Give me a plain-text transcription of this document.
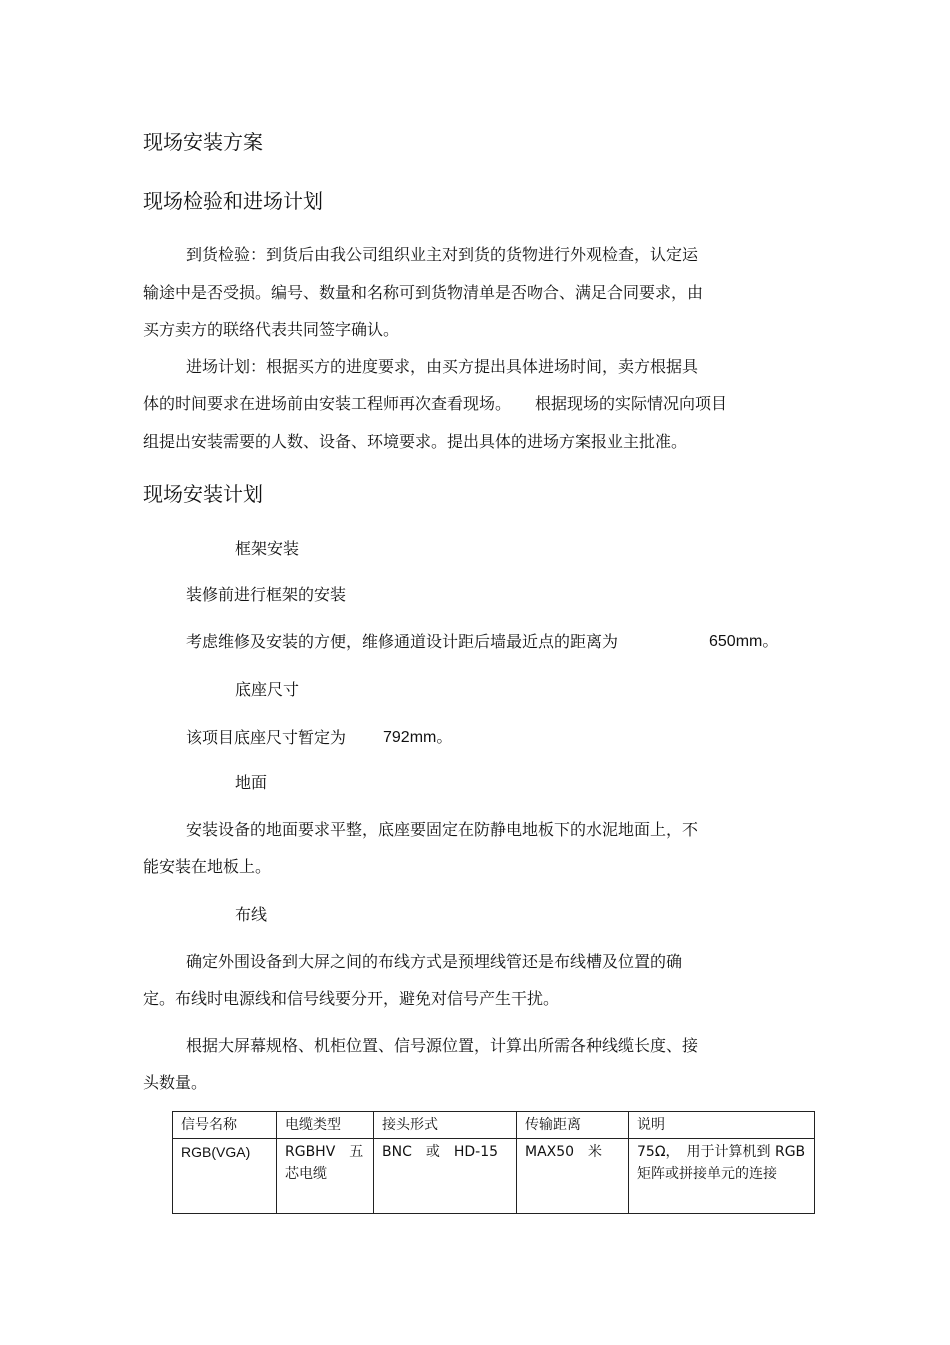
现场安装方案
现场检验和进场计划
到货检验：到货后由我公司组织业主对到货的货物进行外观检查，认定运
输途中是否受损。编号、数量和名称可到货物清单是否吻合、满足合同要求，由
买方卖方的联络代表共同签字确认。
进场计划：根据买方的进度要求，由买方提出具体进场时间，卖方根据具
体的时间要求在进场前由安装工程师再次查看现场。　　根据现场的实际情况向项目
组提出安装需要的人数、设备、环境要求。提出具体的进场方案报业主批准。
现场安装计划
框架安装
装修前进行框架的安装
考虑维修及安装的方便，维修通道设计距后墙最近点的距离为	650mm。
底座尺寸
该项目底座尺寸暂定为 792mm。
地面
安装设备的地面要求平整，底座要固定在防静电地板下的水泥地面上，不
能安装在地板上。
布线
确定外围设备到大屏之间的布线方式是预埋线管还是布线槽及位置的确
定。布线时电源线和信号线要分开，避免对信号产生干扰。
根据大屏幕规格、机柜位置、信号源位置，计算出所需各种线缆长度、接
头数量。
信号名称	电缆类型	接头形式	传输距离	说明
RGB(VGA)	RGBHV　五芯电缆	BNC　或　HD-15	MAX50　米	75Ω，　用于计算机到 RGB　矩阵或拼接单元的连接
